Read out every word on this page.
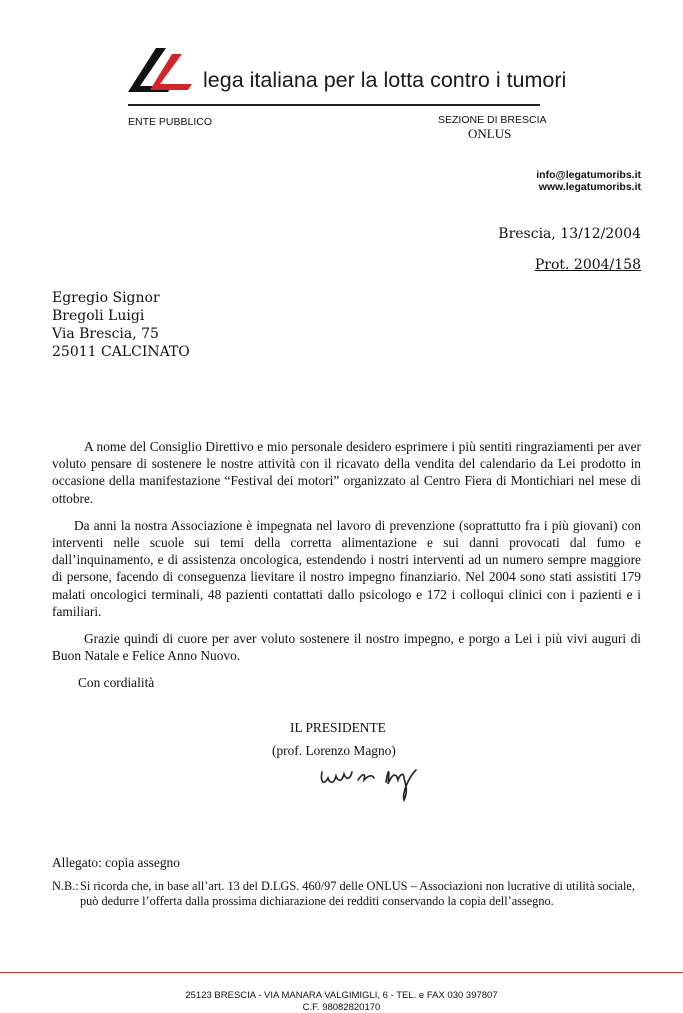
lega italiana per la lotta contro i tumori
ENTE PUBBLICO	SEZIONE DI BRESCIA
ONLUS
info@legatumoribs.it
www.legatumoribs.it
Brescia, 13/12/2004
Prot. 2004/158
Egregio Signor
Bregoli Luigi
Via Brescia, 75
25011 CALCINATO

A nome del Consiglio Direttivo e mio personale desidero esprimere i più sentiti ringraziamenti per aver voluto pensare di sostenere le nostre attività con il ricavato della vendita del calendario da Lei prodotto in occasione della manifestazione “Festival dei motori” organizzato al Centro Fiera di Montichiari nel mese di ottobre.

Da anni la nostra Associazione è impegnata nel lavoro di prevenzione (soprattutto fra i più giovani) con interventi nelle scuole sui temi della corretta alimentazione e sui danni provocati dal fumo e dall’inquinamento, e di assistenza oncologica, estendendo i nostri interventi ad un numero sempre maggiore di persone, facendo di conseguenza lievitare il nostro impegno finanziario. Nel 2004 sono stati assistiti 179 malati oncologici terminali, 48 pazienti contattati dallo psicologo e 172 i colloqui clinici con i pazienti e i familiari.

Grazie quindi di cuore per aver voluto sostenere il nostro impegno, e porgo a Lei i più vivi auguri di Buon Natale e Felice Anno Nuovo.

Con cordialità
IL PRESIDENTE
(prof. Lorenzo Magno)
Allegato: copia assegno
N.B.:Si ricorda che, in base all’art. 13 del D.LGS. 460/97 delle ONLUS – Associazioni non lucrative di utilità sociale, può dedurre l’offerta dalla prossima dichiarazione dei redditi conservando la copia dell’assegno.
25123 BRESCIA - VIA MANARA VALGIMIGLI, 6 - TEL. e FAX 030 397807
C.F. 98082820170
